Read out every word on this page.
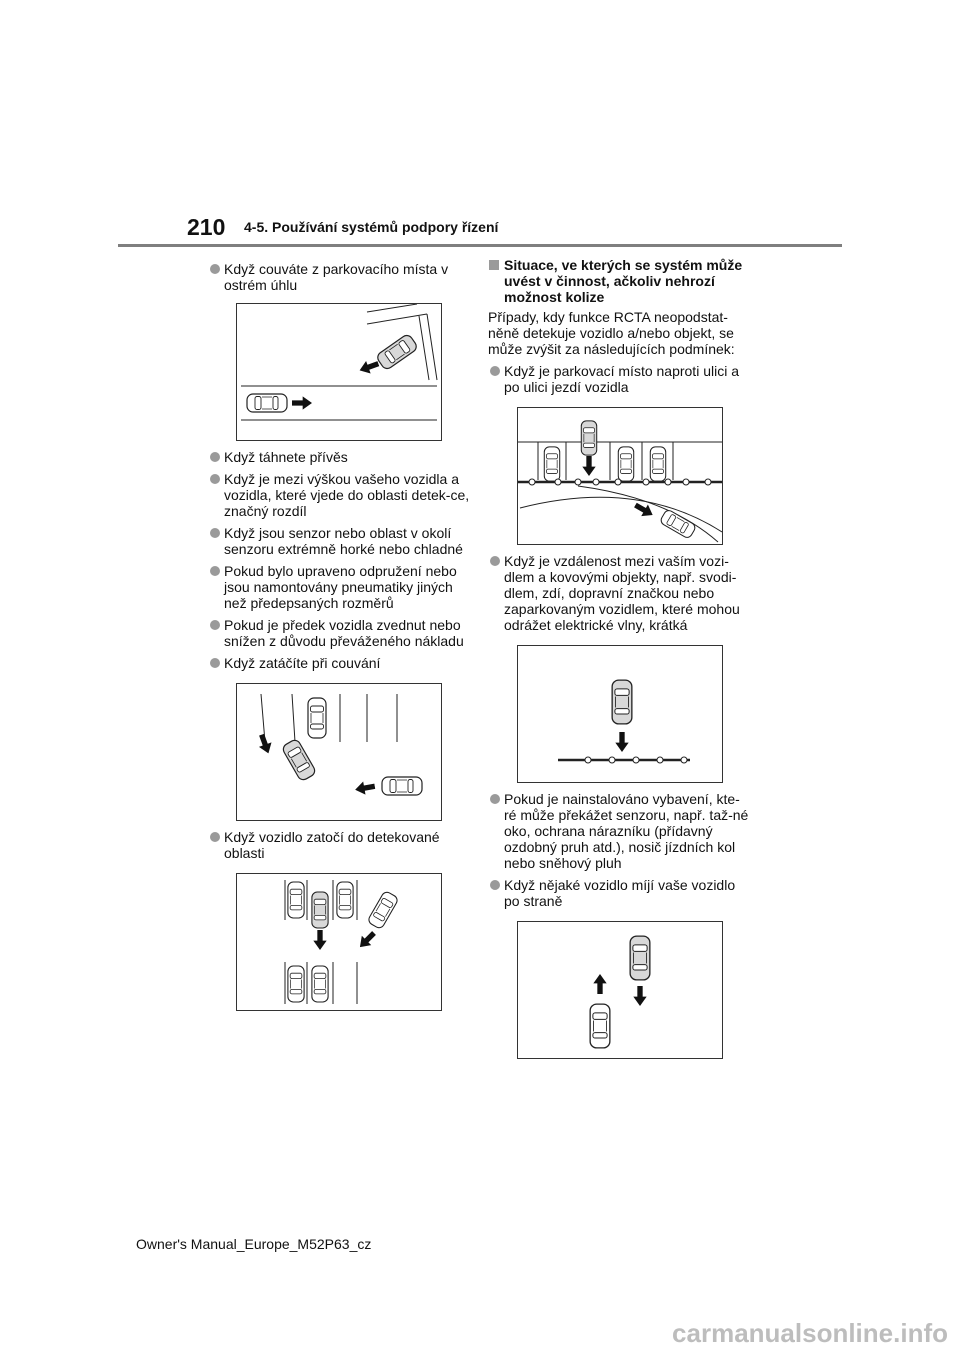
210 4-5. Používání systémů podpory řízení
Když couváte z parkovacího místa v ostrém úhlu
Když táhnete přívěs
Když je mezi výškou vašeho vozidla a vozidla, které vjede do oblasti detek-ce, značný rozdíl
Když jsou senzor nebo oblast v okolí senzoru extrémně horké nebo chladné
Pokud bylo upraveno odpružení nebo jsou namontovány pneumatiky jiných než předepsaných rozměrů
Pokud je předek vozidla zvednut nebo snížen z důvodu převáženého nákladu
Když zatáčíte při couvání
Když vozidlo zatočí do detekované oblasti
Situace, ve kterých se systém může uvést v činnost, ačkoliv nehrozí možnost kolize
Případy, kdy funkce RCTA neopodstat-něně detekuje vozidlo a/nebo objekt, se může zvýšit za následujících podmínek:
Když je parkovací místo naproti ulici a po ulici jezdí vozidla
Když je vzdálenost mezi vaším vozi-dlem a kovovými objekty, např. svodi-dlem, zdí, dopravní značkou nebo zaparkovaným vozidlem, které mohou odrážet elektrické vlny, krátká
Pokud je nainstalováno vybavení, kte-ré může překážet senzoru, např. taž-né oko, ochrana nárazníku (přídavný ozdobný pruh atd.), nosič jízdních kol nebo sněhový pluh
Když nějaké vozidlo míjí vaše vozidlo po straně
Owner's Manual_Europe_M52P63_cz
carmanualsonline.info
